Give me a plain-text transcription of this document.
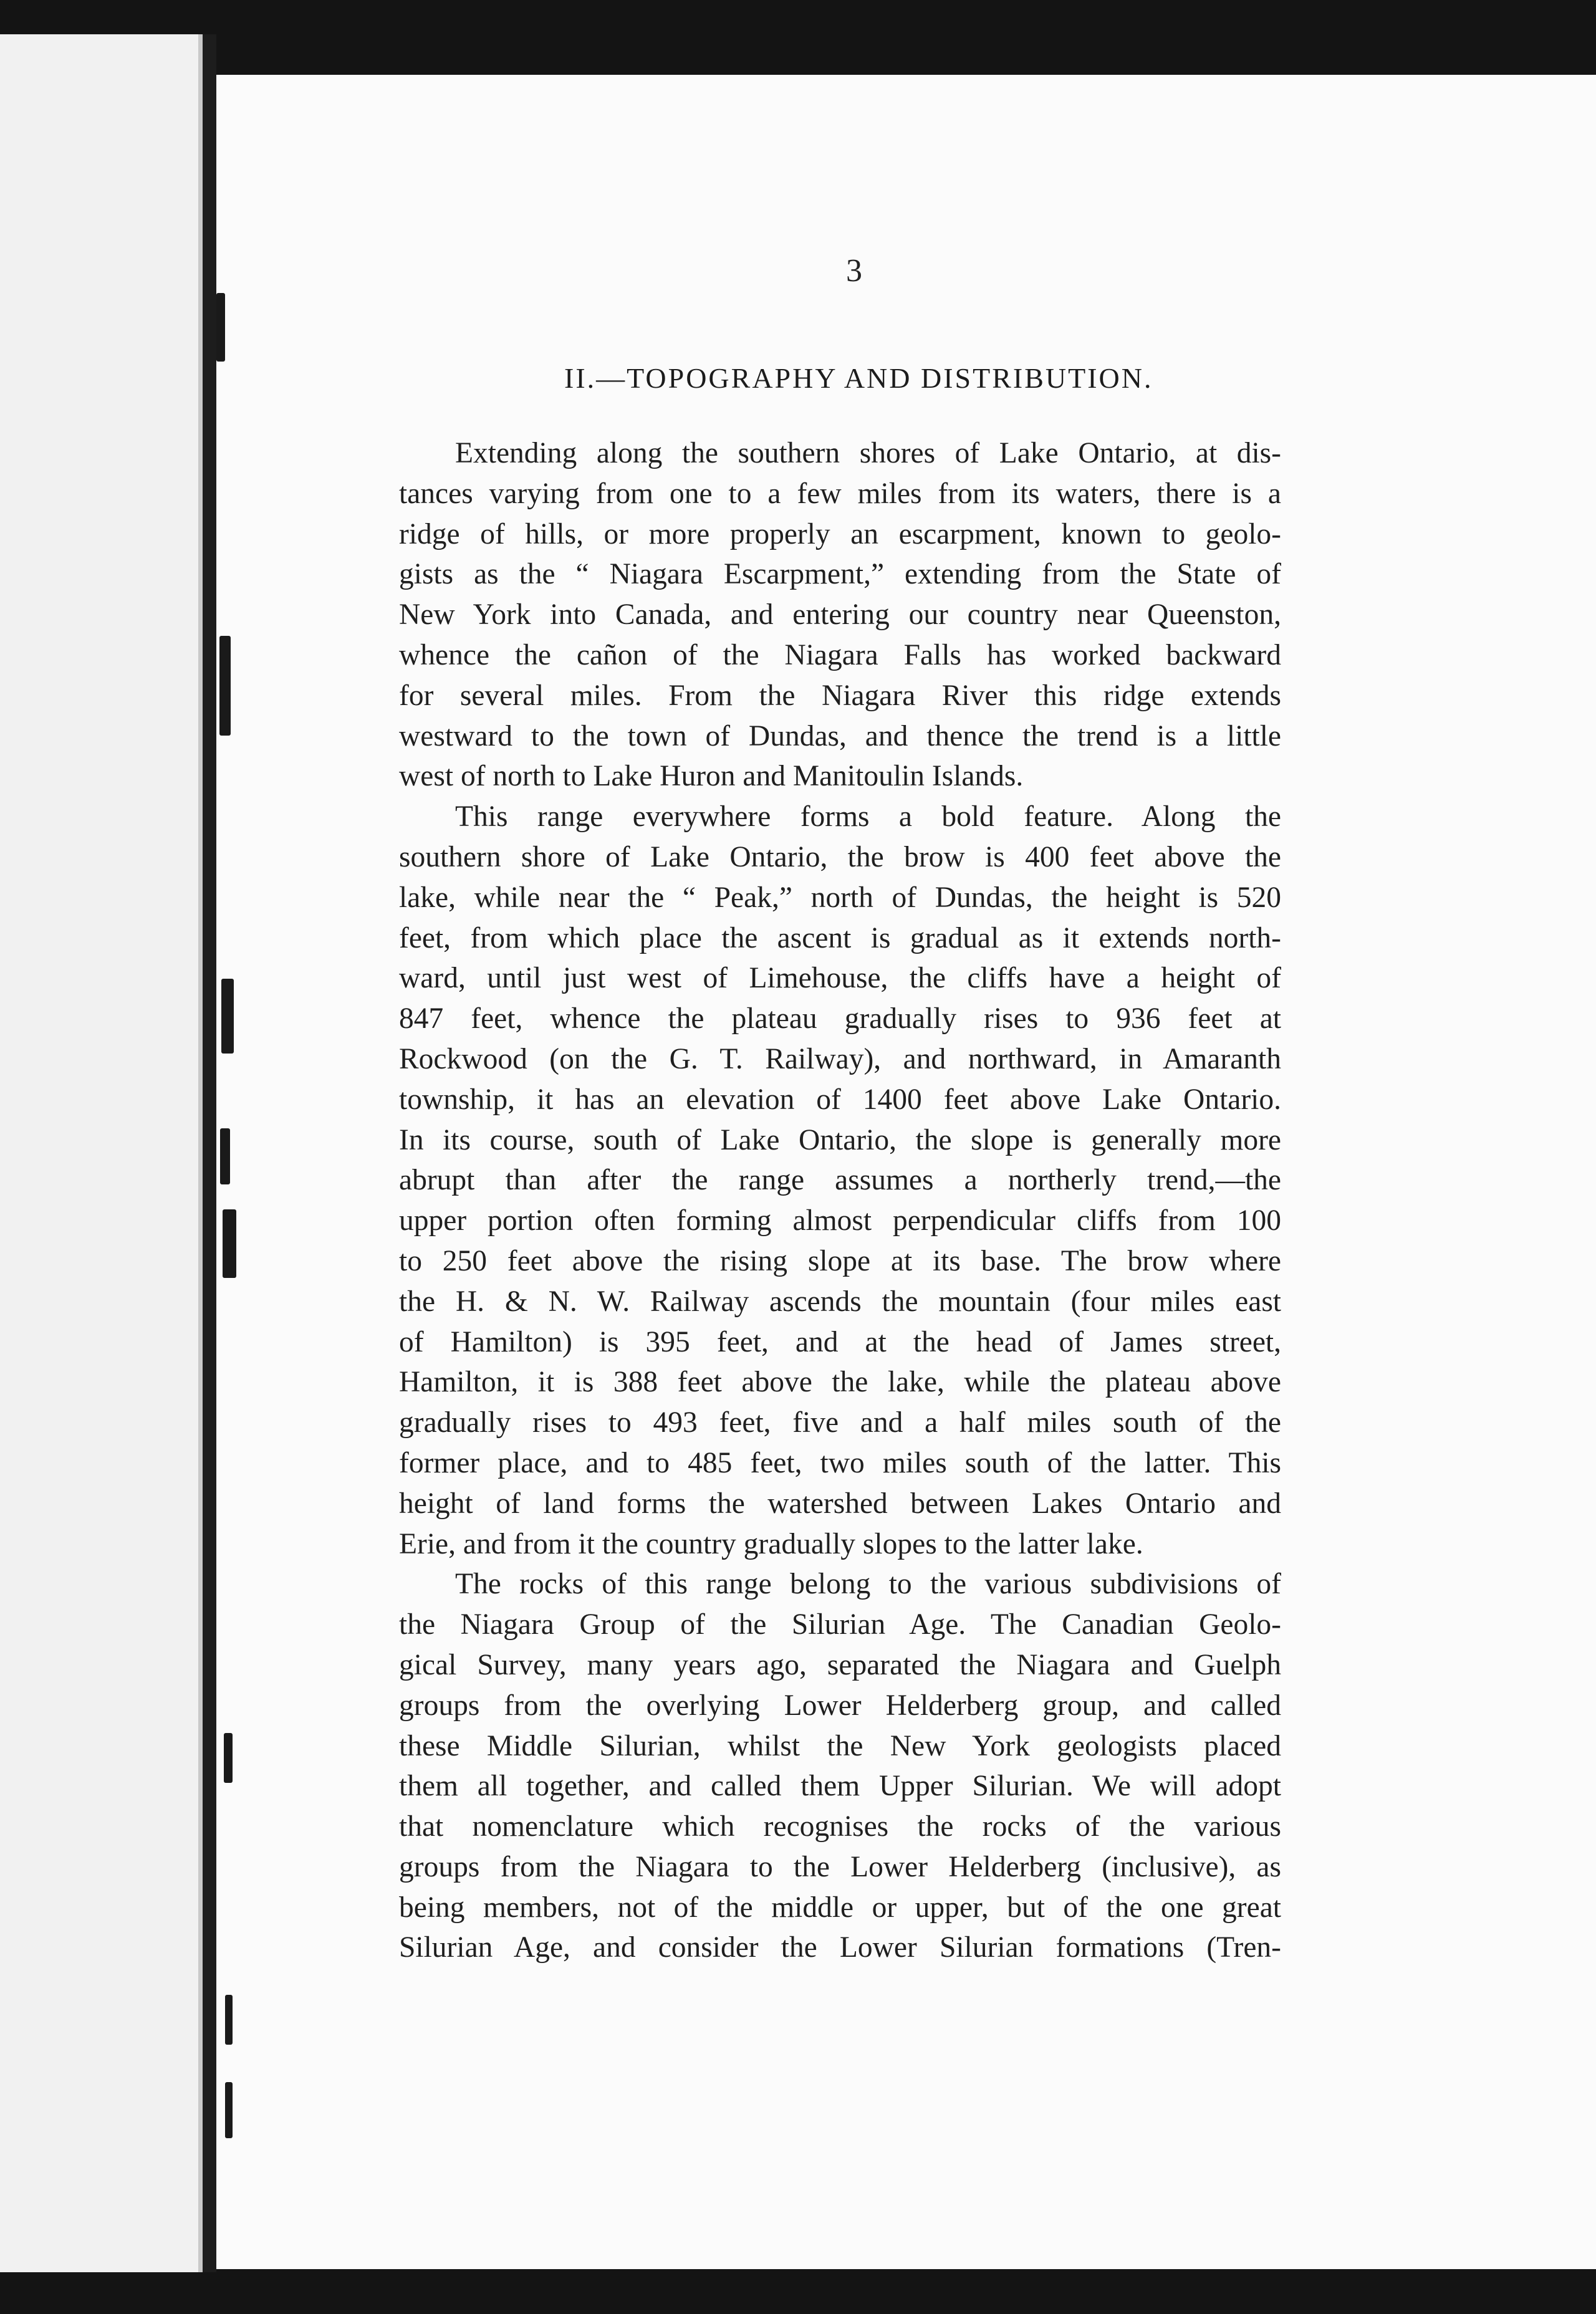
3
II.—TOPOGRAPHY AND DISTRIBUTION.
Extending along the southern shores of Lake Ontario, at dis-
tances varying from one to a few miles from its waters, there is a
ridge of hills, or more properly an escarpment, known to geolo-
gists as the “ Niagara Escarpment,” extending from the State of
New York into Canada, and entering our country near Queenston,
whence the cañon of the Niagara Falls has worked backward
for several miles. From the Niagara River this ridge extends
westward to the town of Dundas, and thence the trend is a little
west of north to Lake Huron and Manitoulin Islands.
This range everywhere forms a bold feature. Along the
southern shore of Lake Ontario, the brow is 400 feet above the
lake, while near the “ Peak,” north of Dundas, the height is 520
feet, from which place the ascent is gradual as it extends north-
ward, until just west of Limehouse, the cliffs have a height of
847 feet, whence the plateau gradually rises to 936 feet at
Rockwood (on the G. T. Railway), and northward, in Amaranth
township, it has an elevation of 1400 feet above Lake Ontario.
In its course, south of Lake Ontario, the slope is generally more
abrupt than after the range assumes a northerly trend,—the
upper portion often forming almost perpendicular cliffs from 100
to 250 feet above the rising slope at its base. The brow where
the H. & N. W. Railway ascends the mountain (four miles east
of Hamilton) is 395 feet, and at the head of James street,
Hamilton, it is 388 feet above the lake, while the plateau above
gradually rises to 493 feet, five and a half miles south of the
former place, and to 485 feet, two miles south of the latter. This
height of land forms the watershed between Lakes Ontario and
Erie, and from it the country gradually slopes to the latter lake.
The rocks of this range belong to the various subdivisions of
the Niagara Group of the Silurian Age. The Canadian Geolo-
gical Survey, many years ago, separated the Niagara and Guelph
groups from the overlying Lower Helderberg group, and called
these Middle Silurian, whilst the New York geologists placed
them all together, and called them Upper Silurian. We will adopt
that nomenclature which recognises the rocks of the various
groups from the Niagara to the Lower Helderberg (inclusive), as
being members, not of the middle or upper, but of the one great
Silurian Age, and consider the Lower Silurian formations (Tren-
